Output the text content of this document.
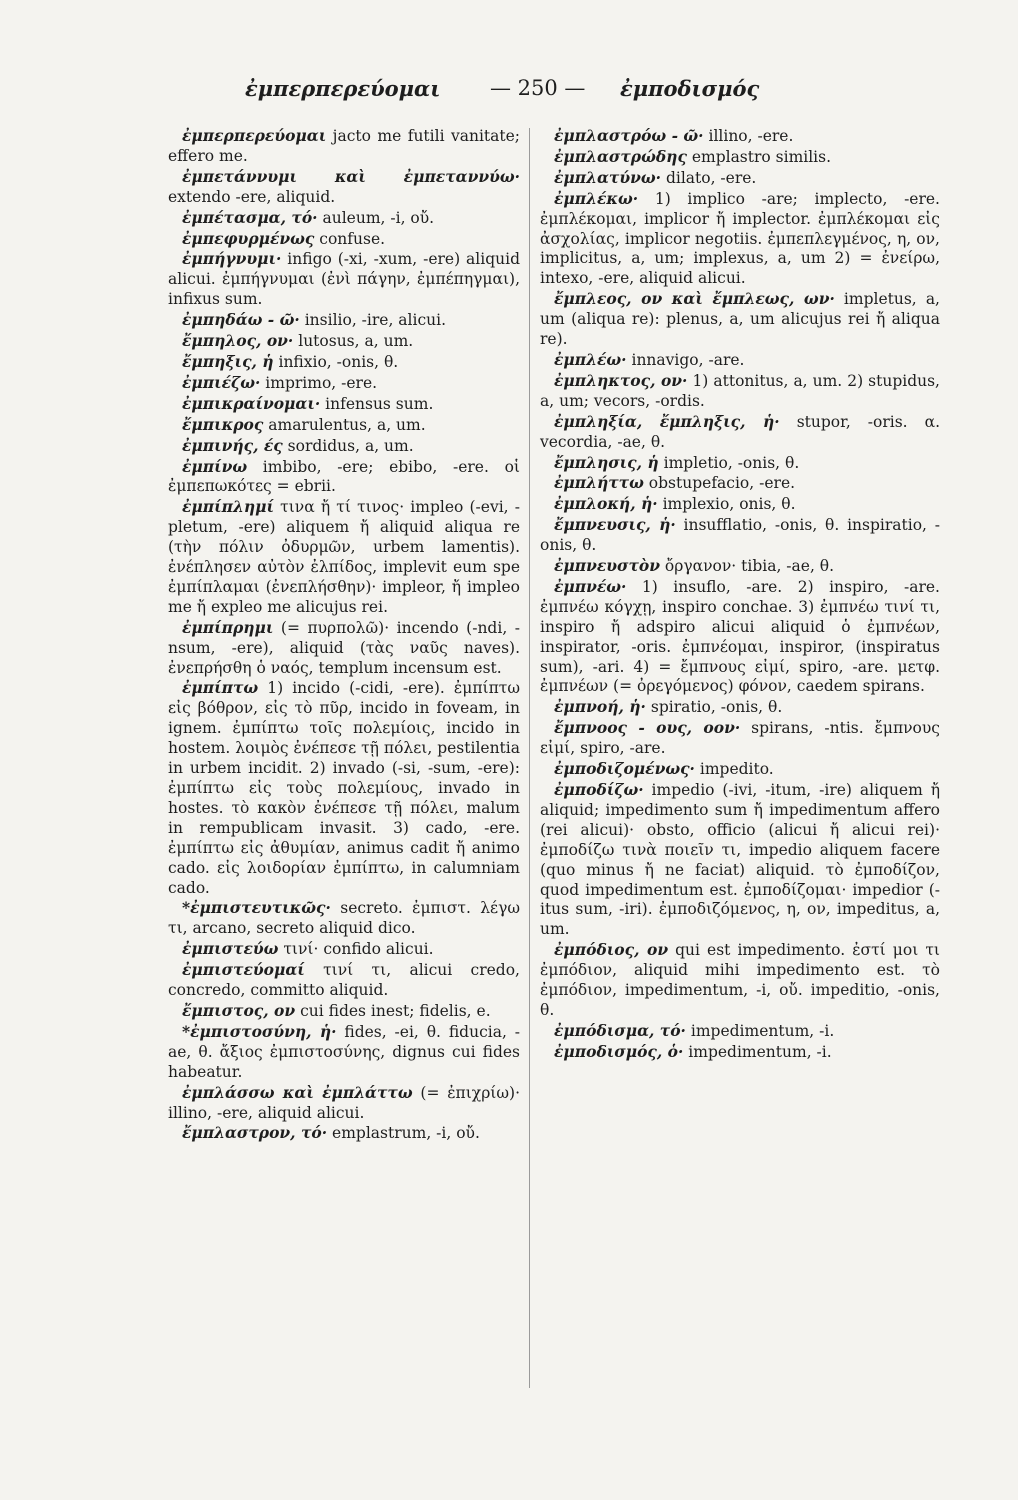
ἐμπερπερεύομαι — 250 — ἐμποδισμός

ἐμπερπερεύομαι jacto me futili vanitate; effero me.

ἐμπετάννυμι καὶ ἐμπεταννύω· extendo -ere, aliquid.

ἐμπέτασμα, τό· auleum, -i, οὔ.

ἐμπεφυρμένως confuse.

ἐμπήγνυμι· infigo (-xi, -xum, -ere) aliquid alicui. ἐμπήγνυμαι (ἐνὶ πάγην, ἐμπέπηγμαι), infixus sum.

ἐμπηδάω - ῶ· insilio, -ire, alicui.

ἔμπηλος, ον· lutosus, a, um.

ἔμπηξις, ἡ infixio, -onis, θ.

ἐμπιέζω· imprimo, -ere.

ἐμπικραίνομαι· infensus sum.

ἔμπικρος amarulentus, a, um.

ἐμπινής, ές sordidus, a, um.

ἐμπίνω imbibo, -ere; ebibo, -ere. οἱ ἐμπεπωκότες = ebrii.

ἐμπίπλημί τινα ἤ τί τινος· impleo (-evi, -pletum, -ere) aliquem ἤ aliquid aliqua re (τὴν πόλιν ὀδυρμῶν, urbem lamentis). ἐνέπλησεν αὐτὸν ἐλπίδος, implevit eum spe ἐμπίπλαμαι (ἐνεπλήσθην)· impleor, ἤ impleo me ἤ expleo me alicujus rei.

ἐμπίπρημι (= πυρπολῶ)· incendo (-ndi, -nsum, -ere), aliquid (τὰς ναῦς naves). ἐνεπρήσθη ὁ ναός, templum incensum est.

ἐμπίπτω 1) incido (-cidi, -ere). ἐμπίπτω εἰς βόθρον, εἰς τὸ πῦρ, incido in foveam, in ignem. ἐμπίπτω τοῖς πολεμίοις, incido in hostem. λοιμὸς ἐνέπεσε τῇ πόλει, pestilentia in urbem incidit. 2) invado (-si, -sum, -ere): ἐμπίπτω εἰς τοὺς πολεμίους, invado in hostes. τὸ κακὸν ἐνέπεσε τῇ πόλει, malum in rempublicam invasit. 3) cado, -ere. ἐμπίπτω εἰς ἀθυμίαν, animus cadit ἤ animo cado. εἰς λοιδορίαν ἐμπίπτω, in calumniam cado.

*ἐμπιστευτικῶς· secreto. ἐμπιστ. λέγω τι, arcano, secreto aliquid dico.

ἐμπιστεύω τινί· confido alicui.

ἐμπιστεύομαί τινί τι, alicui credo, concredo, committo aliquid.

ἔμπιστος, ον cui fides inest; fidelis, e.

*ἐμπιστοσύνη, ἡ· fides, -ei, θ. fiducia, -ae, θ. ἄξιος ἐμπιστοσύνης, dignus cui fides habeatur.

ἐμπλάσσω καὶ ἐμπλάττω (= ἐπιχρίω)· illino, -ere, aliquid alicui.

ἔμπλαστρον, τό· emplastrum, -i, οὔ.

ἐμπλαστρόω - ῶ· illino, -ere.

ἐμπλαστρώδης emplastro similis.

ἐμπλατύνω· dilato, -ere.

ἐμπλέκω· 1) implico -are; implecto, -ere. ἐμπλέκομαι, implicor ἤ implector. ἐμπλέκομαι εἰς ἀσχολίας, implicor negotiis. ἐμπεπλεγμένος, η, ον, implicitus, a, um; implexus, a, um 2) = ἐνείρω, intexo, -ere, aliquid alicui.

ἔμπλεος, ον καὶ ἔμπλεως, ων· impletus, a, um (aliqua re): plenus, a, um alicujus rei ἤ aliqua re).

ἐμπλέω· innavigo, -are.

ἐμπληκτος, ον· 1) attonitus, a, um. 2) stupidus, a, um; vecors, -ordis.

ἐμπληξία, ἔμπληξις, ἡ· stupor, -oris. α. vecordia, -ae, θ.

ἔμπλησις, ἡ impletio, -onis, θ.

ἐμπλήττω obstupefacio, -ere.

ἐμπλοκή, ἡ· implexio, onis, θ.

ἔμπνευσις, ἡ· insufflatio, -onis, θ. inspiratio, -onis, θ.

ἐμπνευστὸν ὄργανον· tibia, -ae, θ.

ἐμπνέω· 1) insuflo, -are. 2) inspiro, -are. ἐμπνέω κόγχῃ, inspiro conchae. 3) ἐμπνέω τινί τι, inspiro ἤ adspiro alicui aliquid ὁ ἐμπνέων, inspirator, -oris. ἐμπνέομαι, inspiror, (inspiratus sum), -ari. 4) = ἔμπνους εἰμί, spiro, -are. μετφ. ἐμπνέων (= ὀρεγόμενος) φόνον, caedem spirans.

ἐμπνοή, ἡ· spiratio, -onis, θ.

ἔμπνοος - ους, οον· spirans, -ntis. ἔμπνους εἰμί, spiro, -are.

ἐμποδιζομένως· impedito.

ἐμποδίζω· impedio (-ivi, -itum, -ire) aliquem ἤ aliquid; impedimento sum ἤ impedimentum affero (rei alicui)· obsto, officio (alicui ἤ alicui rei)· ἐμποδίζω τινὰ ποιεῖν τι, impedio aliquem facere (quo minus ἤ ne faciat) aliquid. τὸ ἐμποδίζον, quod impedimentum est. ἐμποδίζομαι· impedior (-itus sum, -iri). ἐμποδιζόμενος, η, ον, impeditus, a, um.

ἐμπόδιος, ον qui est impedimento. ἐστί μοι τι ἐμπόδιον, aliquid mihi impedimento est. τὸ ἐμπόδιον, impedimentum, -i, οὔ. impeditio, -onis, θ.

ἐμπόδισμα, τό· impedimentum, -i.

ἐμποδισμός, ὁ· impedimentum, -i.
